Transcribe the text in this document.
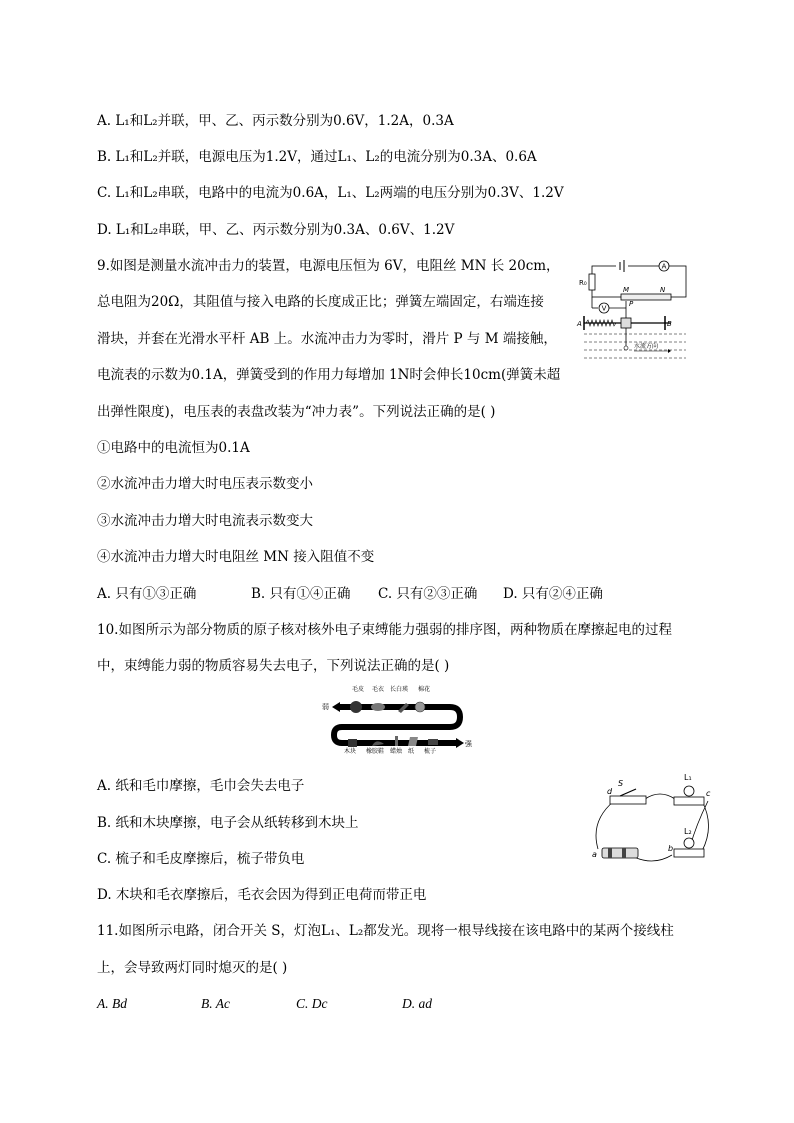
A. L₁和L₂并联，甲、乙、丙示数分别为0.6V，1.2A，0.3A
B. L₁和L₂并联，电源电压为1.2V，通过L₁、L₂的电流分别为0.3A、0.6A
C. L₁和L₂串联，电路中的电流为0.6A，L₁、L₂两端的电压分别为0.3V、1.2V
D. L₁和L₂串联，甲、乙、丙示数分别为0.3A、0.6V、1.2V
9.如图是测量水流冲击力的装置，电源电压恒为 6V，电阻丝 MN 长 20cm，
总电阻为20Ω，其阻值与接入电路的长度成正比；弹簧左端固定，右端连接
滑块，并套在光滑水平杆 AB 上。水流冲击力为零时，滑片 P 与 M 端接触，
电流表的示数为0.1A，弹簧受到的作用力每增加 1N时会伸长10cm(弹簧未超
出弹性限度)，电压表的表盘改装为“冲力表”。下列说法正确的是( )
①电路中的电流恒为0.1A
②水流冲击力增大时电压表示数变小
③水流冲击力增大时电流表示数变大
④水流冲击力增大时电阻丝 MN 接入阻值不变
A. 只有①③正确	B. 只有①④正确 C. 只有②③正确 D. 只有②④正确
A
R₀
M	N
V
P
A	B
水流方向
10.如图所示为部分物质的原子核对核外电子束缚能力强弱的排序图，两种物质在摩擦起电的过程
中，束缚能力弱的物质容易失去电子，下列说法正确的是( )
毛皮 毛衣 长白瑛 棉花
弱
强
木块 橡胶鞋 蜡烛 纸 梳子
A. 纸和毛巾摩擦，毛巾会失去电子
B. 纸和木块摩擦，电子会从纸转移到木块上
C. 梳子和毛皮摩擦后，梳子带负电
D. 木块和毛衣摩擦后，毛衣会因为得到正电荷而带正电
S
d
L₁
c
L₂
b
a
11.如图所示电路，闭合开关 S，灯泡L₁、L₂都发光。现将一根导线接在该电路中的某两个接线柱
上，会导致两灯同时熄灭的是( )
A. Bd	B. Ac	C. Dc	D. ad
